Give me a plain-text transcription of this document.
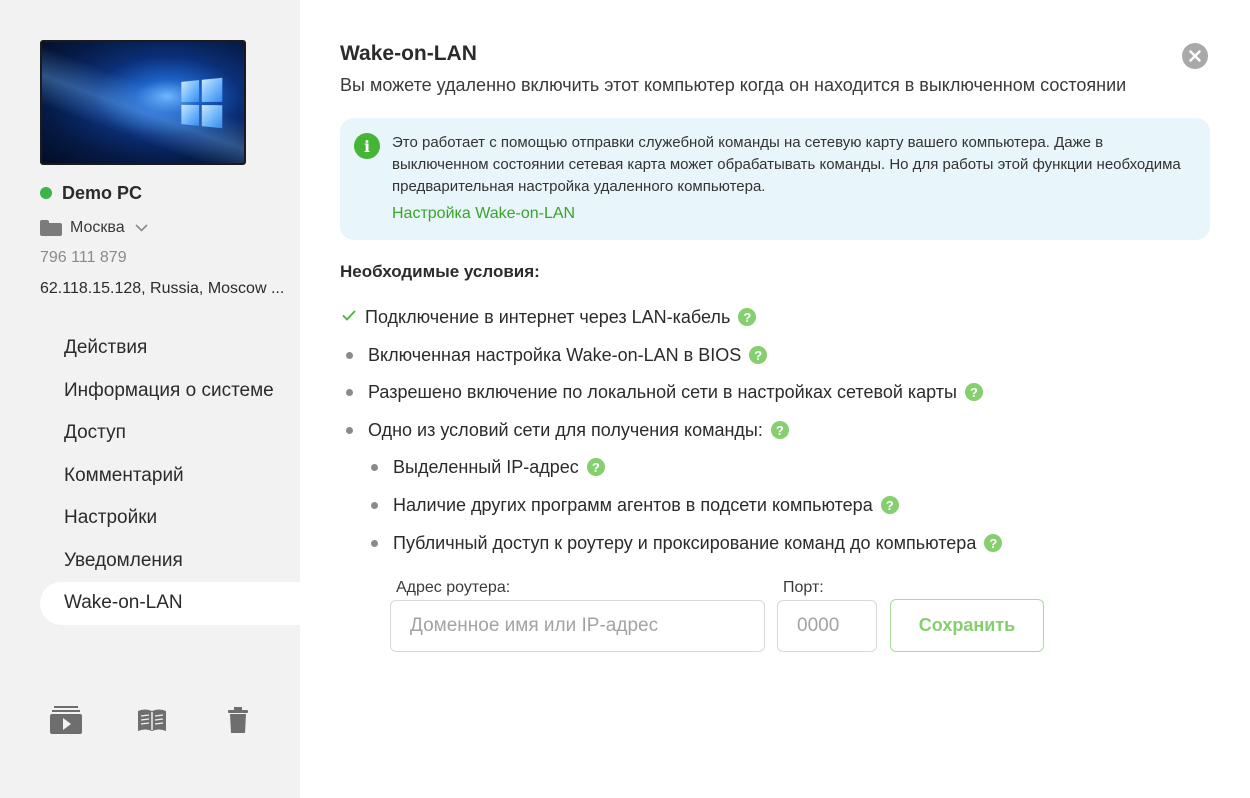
Demo PC
Москва
796 111 879
62.118.15.128, Russia, Moscow ...
Действия
Информация о системе
Доступ
Комментарий
Настройки
Уведомления
Wake-on-LAN
Wake-on-LAN
Вы можете удаленно включить этот компьютер когда он находится в выключенном состоянии
i	Это работает с помощью отправки служебной команды на сетевую карту вашего компьютера. Даже в выключенном состоянии сетевая карта может обрабатывать команды. Но для работы этой функции необходима предварительная настройка удаленного компьютера.
Настройка Wake-on-LAN
Необходимые условия:
Подключение в интернет через LAN-кабель	?
Включенная настройка Wake-on-LAN в BIOS	?
Разрешено включение по локальной сети в настройках сетевой карты	?
Одно из условий сети для получения команды:	?
Выделенный IP-адрес	?
Наличие других программ агентов в подсети компьютера	?
Публичный доступ к роутеру и проксирование команд до компьютера	?
Адрес роутера:
Доменное имя или IP-адрес	Порт:
0000
Сохранить
